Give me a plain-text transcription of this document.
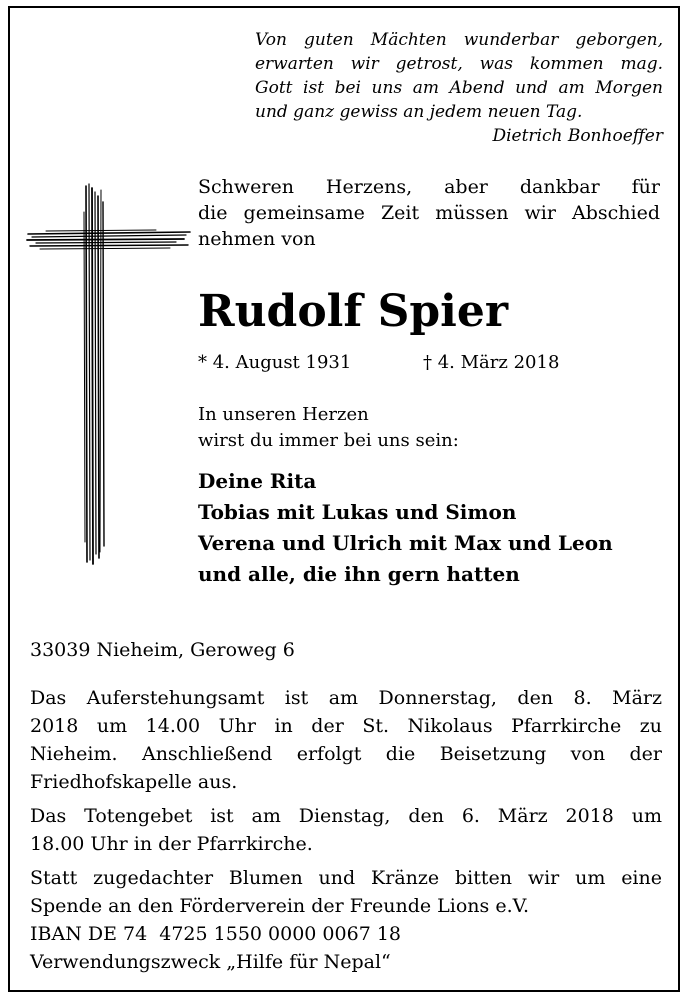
Von guten Mächten wunderbar geborgen,
erwarten wir getrost, was kommen mag.
Gott ist bei uns am Abend und am Morgen
und ganz gewiss an jedem neuen Tag.
Dietrich Bonhoeffer
Schweren Herzens, aber dankbar für
die gemeinsame Zeit müssen wir Abschied
nehmen von
Rudolf Spier
* 4. August 1931	† 4. März 2018
In unseren Herzen
wirst du immer bei uns sein:
Deine Rita
Tobias mit Lukas und Simon
Verena und Ulrich mit Max und Leon
und alle, die ihn gern hatten
33039 Nieheim, Geroweg 6
Das Auferstehungsamt ist am Donnerstag, den 8. März
2018 um 14.00 Uhr in der St. Nikolaus Pfarrkirche zu
Nieheim. Anschließend erfolgt die Beisetzung von der
Friedhofskapelle aus.
Das Totengebet ist am Dienstag, den 6. März 2018 um
18.00 Uhr in der Pfarrkirche.
Statt zugedachter Blumen und Kränze bitten wir um eine
Spende an den Förderverein der Freunde Lions e.V.
IBAN DE 74  4725 1550 0000 0067 18
Verwendungszweck „Hilfe für Nepal“
